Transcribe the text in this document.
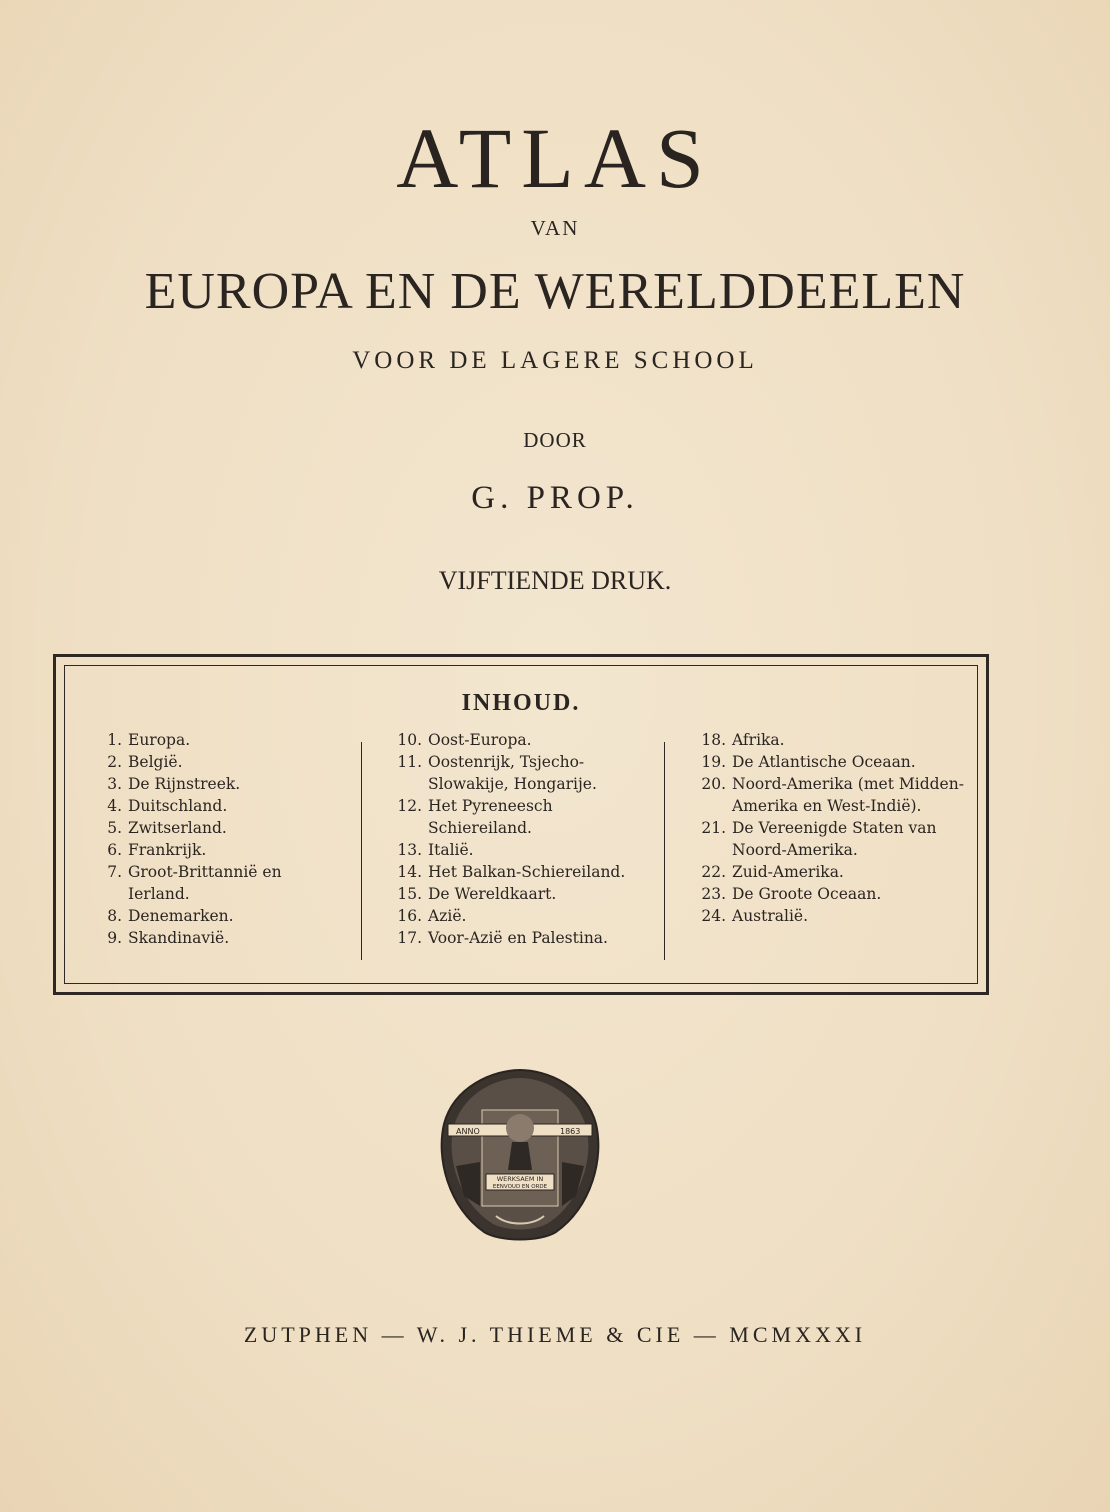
ATLAS
VAN
EUROPA EN DE WERELDDEELEN
VOOR DE LAGERE SCHOOL
DOOR
G. PROP.
VIJFTIENDE DRUK.
INHOUD.
1. Europa.
2. België.
3. De Rijnstreek.
4. Duitschland.
5. Zwitserland.
6. Frankrijk.
7. Groot-Brittannië en Ierland.
8. Denemarken.
9. Skandinavië.
10. Oost-Europa.
11. Oostenrijk, Tsjecho-Slowakije, Hongarije.
12. Het Pyreneesch Schiereiland.
13. Italië.
14. Het Balkan-Schiereiland.
15. De Wereldkaart.
16. Azië.
17. Voor-Azië en Palestina.
18. Afrika.
19. De Atlantische Oceaan.
20. Noord-Amerika (met Midden-Amerika en West-Indië).
21. De Vereenigde Staten van Noord-Amerika.
22. Zuid-Amerika.
23. De Groote Oceaan.
24. Australië.
ANNO	1863
WERKSAEM IN
EENVOUD EN ORDE
ZUTPHEN — W. J. THIEME & CIE — MCMXXXI
